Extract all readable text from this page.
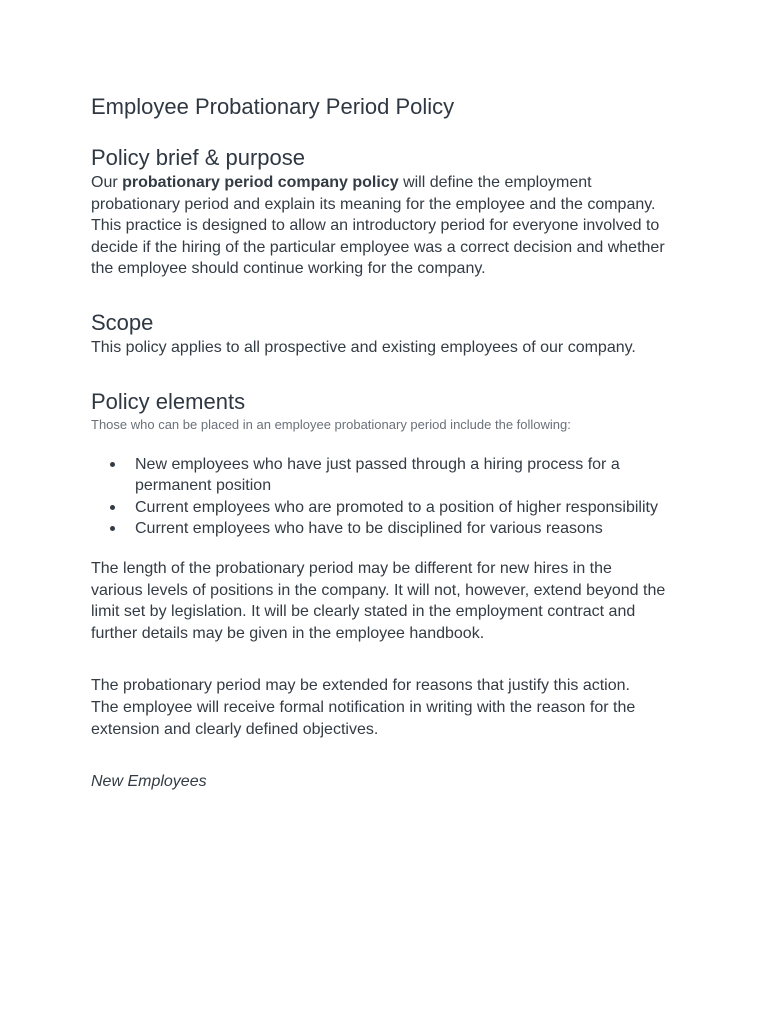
Employee Probationary Period Policy
Policy brief & purpose

Our probationary period company policy will define the employment probationary period and explain its meaning for the employee and the company. This practice is designed to allow an introductory period for everyone involved to decide if the hiring of the particular employee was a correct decision and whether the employee should continue working for the company.

Scope

This policy applies to all prospective and existing employees of our company.

Policy elements

Those who can be placed in an employee probationary period include the following:

New employees who have just passed through a hiring process for a permanent position
Current employees who are promoted to a position of higher responsibility
Current employees who have to be disciplined for various reasons

The length of the probationary period may be different for new hires in the various levels of positions in the company. It will not, however, extend beyond the limit set by legislation. It will be clearly stated in the employment contract and further details may be given in the employee handbook.

The probationary period may be extended for reasons that justify this action. The employee will receive formal notification in writing with the reason for the extension and clearly defined objectives.

New Employees
